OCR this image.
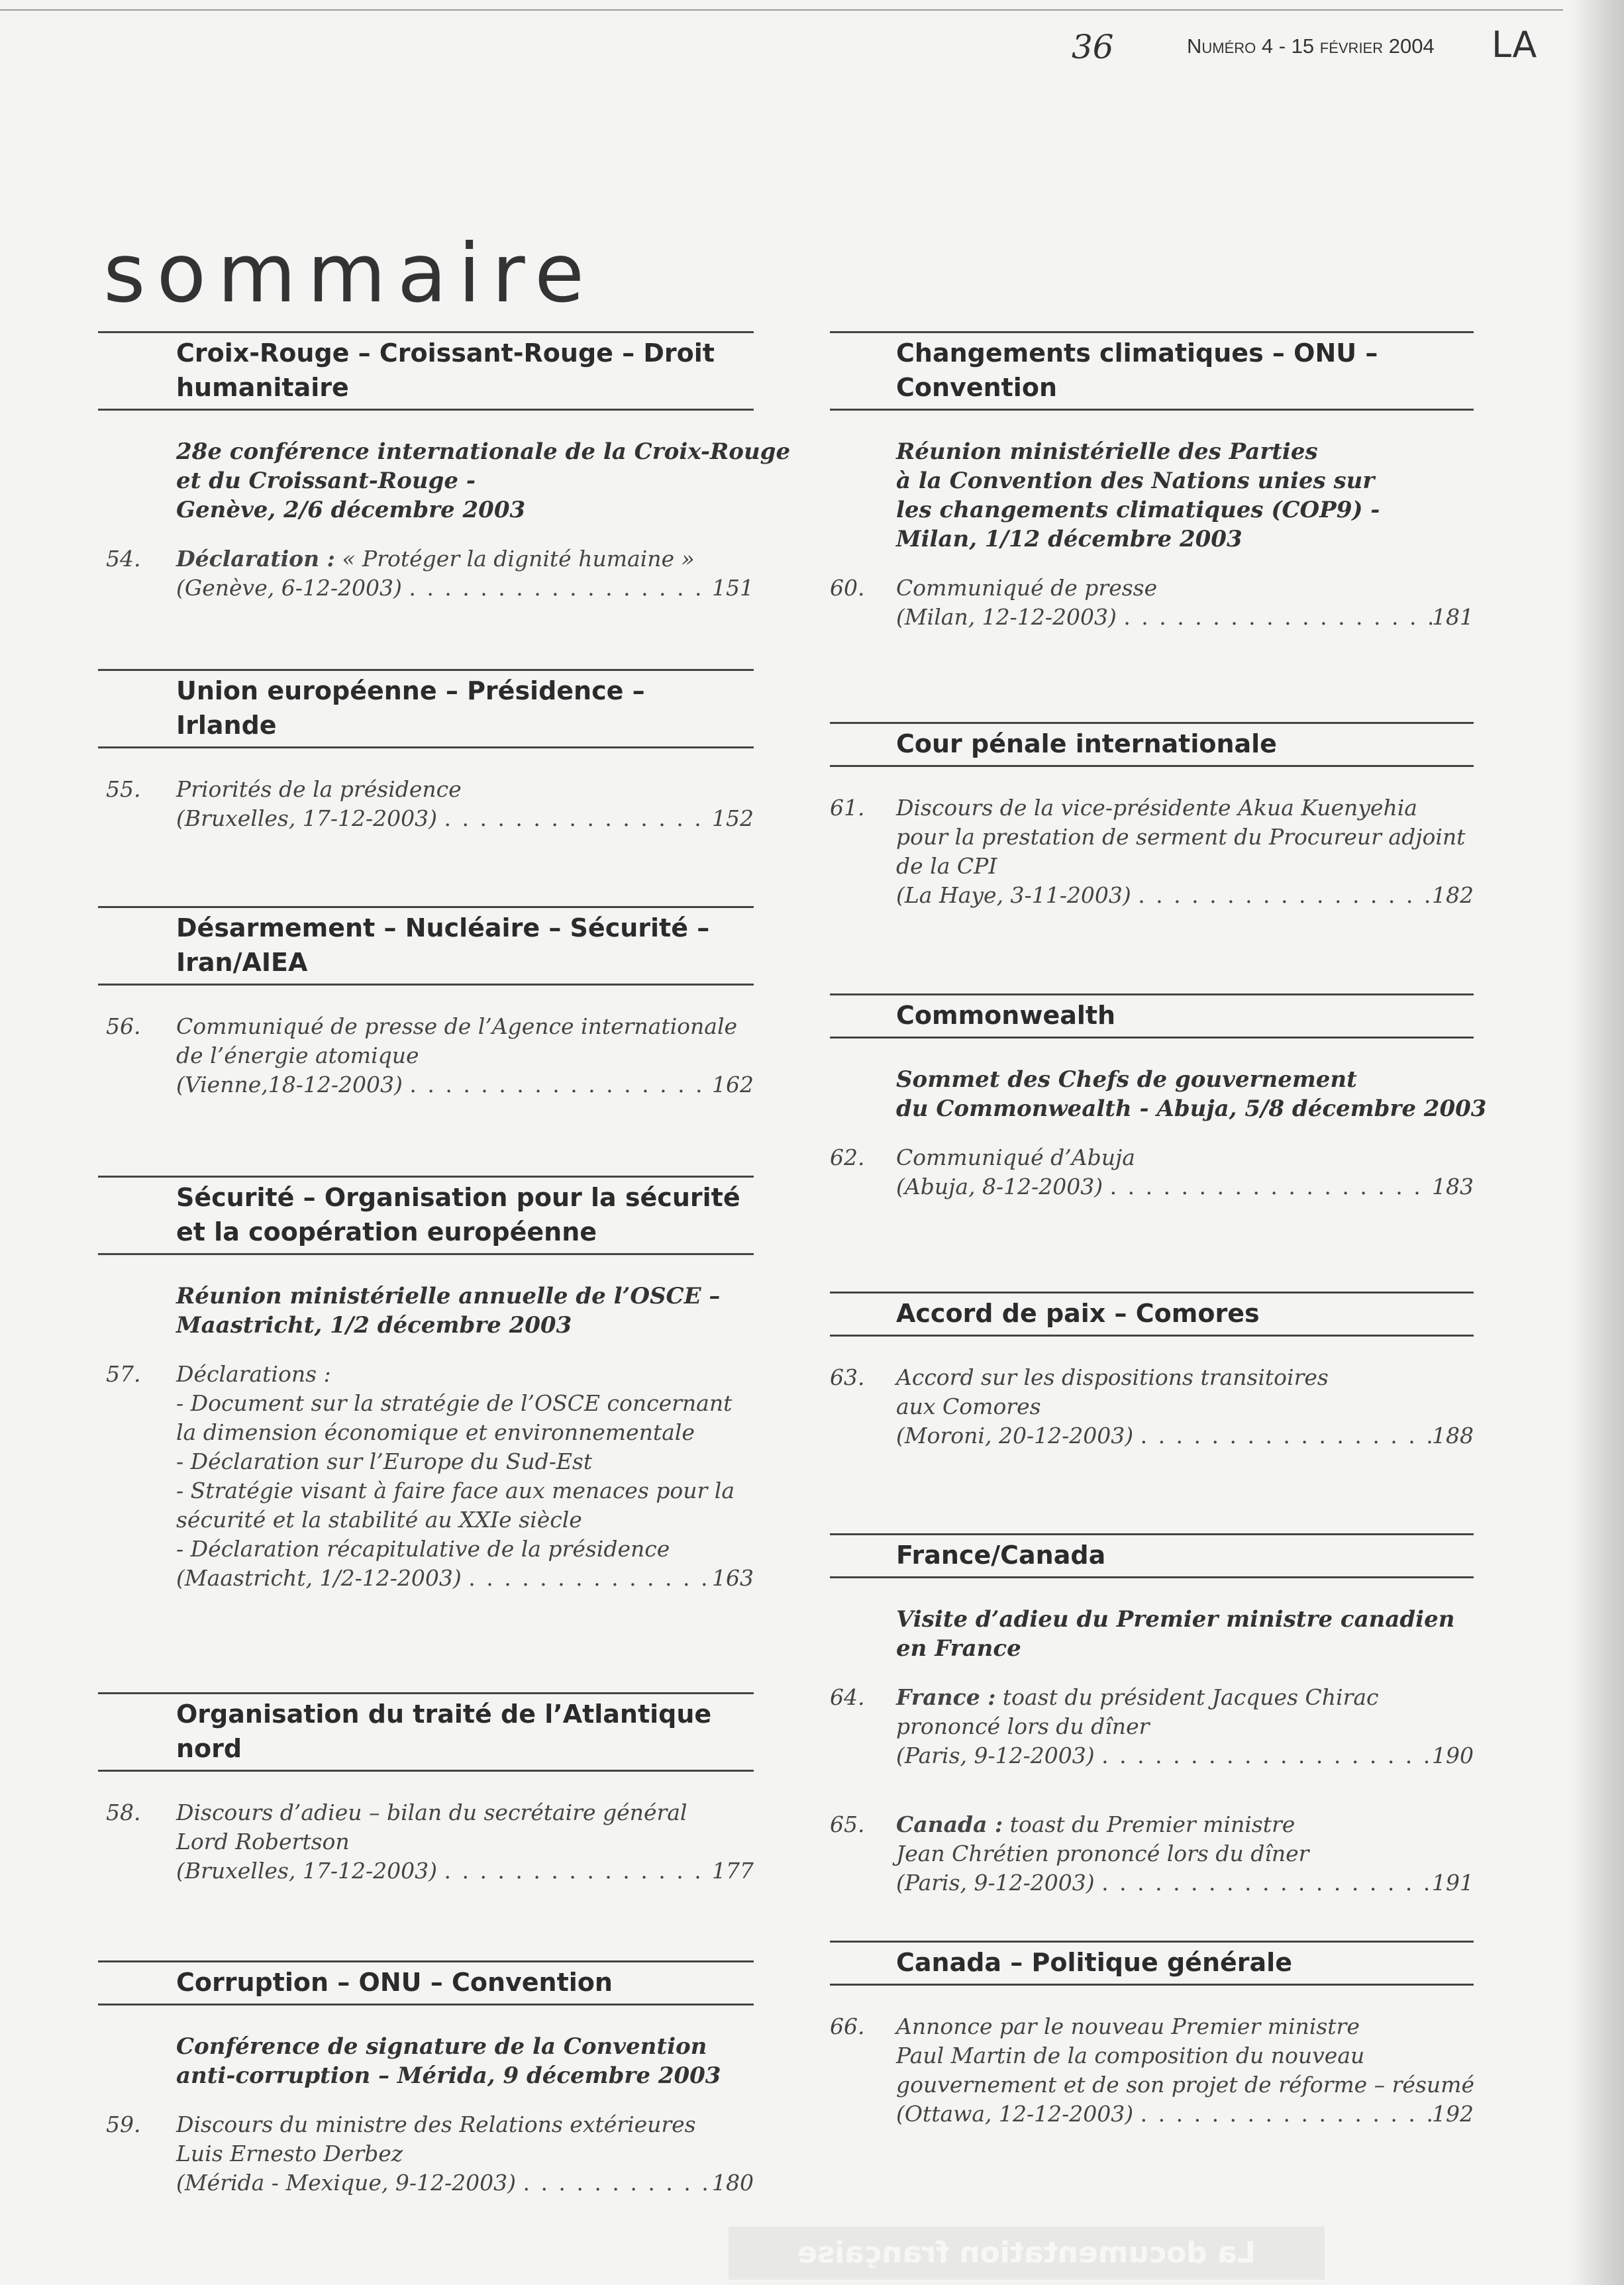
36	Numéro 4 - 15 février 2004 LA
sommaire
Croix-Rouge – Croissant-Rouge – Droit humanitaire
28e conférence internationale de la Croix-Rouge
et du Croissant-Rouge -
Genève, 2/6 décembre 2003
54. Déclaration : « Protéger la dignité humaine »
(Genève, 6-12-2003) . . .	151
Union européenne – Présidence – Irlande
55. Priorités de la présidence
(Bruxelles, 17-12-2003) . . .	152
Désarmement – Nucléaire – Sécurité – Iran/AIEA
56. Communiqué de presse de l’Agence internationale
de l’énergie atomique
(Vienne,18-12-2003) . . .	162
Sécurité – Organisation pour la sécurité et la coopération européenne
Réunion ministérielle annuelle de l’OSCE –
Maastricht, 1/2 décembre 2003
57. Déclarations :
- Document sur la stratégie de l’OSCE concernant
la dimension économique et environnementale
- Déclaration sur l’Europe du Sud-Est
- Stratégie visant à faire face aux menaces pour la
sécurité et la stabilité au XXIe siècle
- Déclaration récapitulative de la présidence
(Maastricht, 1/2-12-2003) . . .	163
Organisation du traité de l’Atlantique nord
58. Discours d’adieu – bilan du secrétaire général
Lord Robertson
(Bruxelles, 17-12-2003) . . .	177
Corruption – ONU – Convention
Conférence de signature de la Convention
anti-corruption – Mérida, 9 décembre 2003
59. Discours du ministre des Relations extérieures
Luis Ernesto Derbez
(Mérida - Mexique, 9-12-2003) . . .	180
Changements climatiques – ONU – Convention
Réunion ministérielle des Parties
à la Convention des Nations unies sur
les changements climatiques (COP9) -
Milan, 1/12 décembre 2003
60. Communiqué de presse
(Milan, 12-12-2003) . . .	181
Cour pénale internationale
61. Discours de la vice-présidente Akua Kuenyehia
pour la prestation de serment du Procureur adjoint
de la CPI
(La Haye, 3-11-2003) . . .	182
Commonwealth
Sommet des Chefs de gouvernement
du Commonwealth - Abuja, 5/8 décembre 2003
62. Communiqué d’Abuja
(Abuja, 8-12-2003) . . .	183
Accord de paix – Comores
63. Accord sur les dispositions transitoires
aux Comores
(Moroni, 20-12-2003) . . .	188
France/Canada
Visite d’adieu du Premier ministre canadien
en France
64. France : toast du président Jacques Chirac
prononcé lors du dîner
(Paris, 9-12-2003) . . .	190
65. Canada : toast du Premier ministre
Jean Chrétien prononcé lors du dîner
(Paris, 9-12-2003) . . .	191
Canada – Politique générale
66. Annonce par le nouveau Premier ministre
Paul Martin de la composition du nouveau
gouvernement et de son projet de réforme – résumé
(Ottawa, 12-12-2003) . . .	192
La documentation française
